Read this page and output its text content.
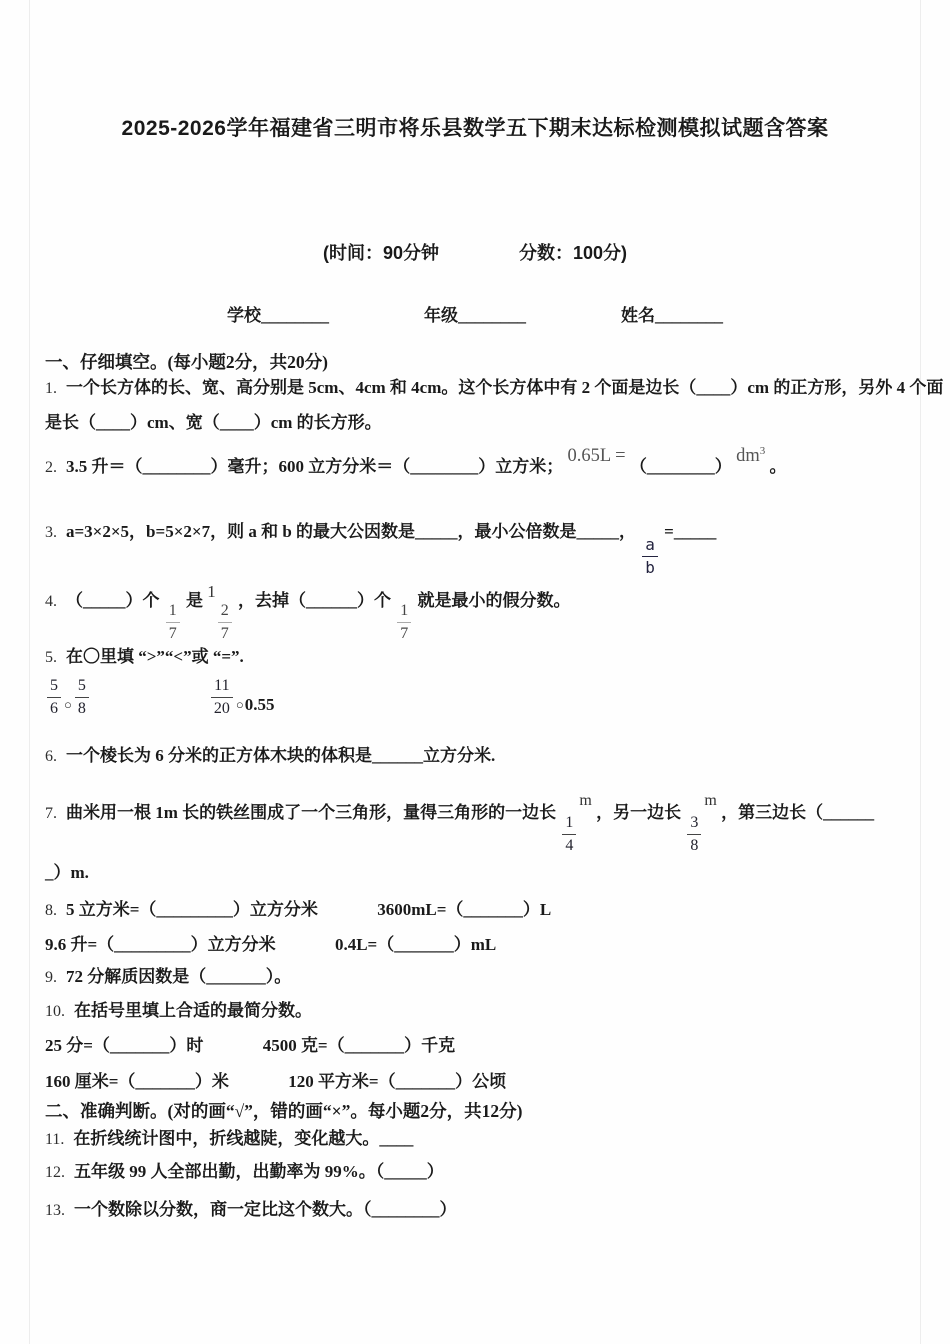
2025-2026学年福建省三明市将乐县数学五下期末达标检测模拟试题含答案
(时间：90分钟	分数：100分)
学校________	年级________	姓名________
一、仔细填空。(每小题2分，共20分)
1. 一个长方体的长、宽、高分别是 5cm、4cm 和 4cm。这个长方体中有 2 个面是边长（____）cm 的正方形，另外 4 个面
是长（____）cm、宽（____）cm 的长方形。
2. 3.5 升＝（________）毫升；600 立方分米＝（________）立方米； 0.65L = （________） $dm^3$ 。
3. a=3×2×5，b=5×2×7，则 a 和 b 的最大公因数是_____，最小公倍数是_____，
$\frac{a}{b}$
=_____
4. （_____）个
$\frac{1}{7}$
是 1
$\frac{2}{7}$
，去掉（______）个
$\frac{1}{7}$
就是最小的假分数。
5. 在〇里填 “>”“<”或 “=”.
$\frac{5}{6}$ ○ $\frac{5}{8}$	$\frac{11}{20}$ ○ 0.55
6. 一个棱长为 6 分米的正方体木块的体积是______立方分米.
7. 曲米用一根 1m 长的铁丝围成了一个三角形，量得三角形的一边长
$\frac{1}{4}$
m ，另一边长
$\frac{3}{8}$
m ，第三边长（______
_）m.
8. 5 立方米=（_________）立方分米	3600mL=（_______）L
9.6 升=（_________）立方分米	0.4L=（_______）mL
9. 72 分解质因数是（_______）。
10. 在括号里填上合适的最简分数。
25 分=（_______）时	4500 克=（_______）千克
160 厘米=（_______）米	120 平方米=（_______）公顷
二、准确判断。(对的画“√”，错的画“×”。每小题2分，共12分)
11. 在折线统计图中，折线越陡，变化越大。____
12. 五年级 99 人全部出勤，出勤率为 99%。（_____）
13. 一个数除以分数，商一定比这个数大。（________）
